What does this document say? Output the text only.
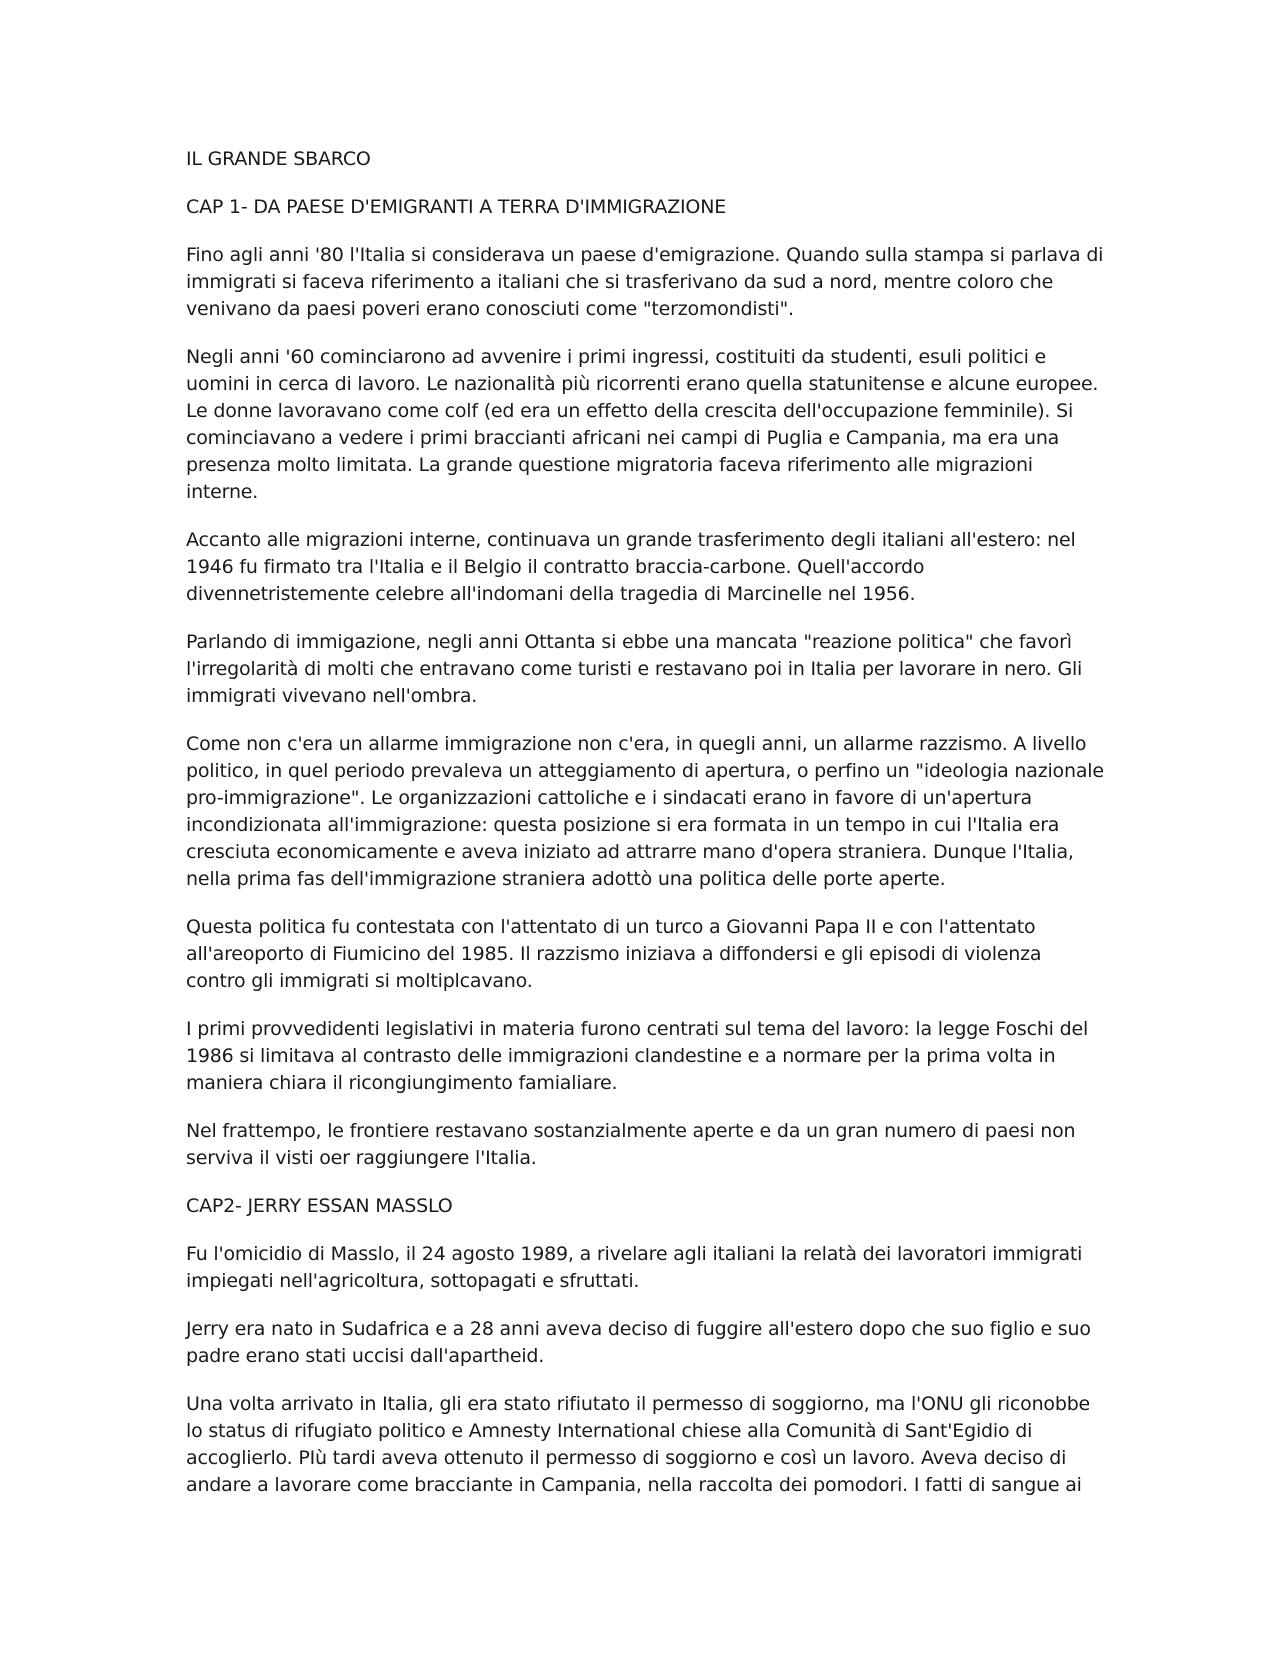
IL GRANDE SBARCO
CAP 1- DA PAESE D'EMIGRANTI A TERRA D'IMMIGRAZIONE

Fino agli anni '80 l'Italia si considerava un paese d'emigrazione. Quando sulla stampa si parlava di immigrati si faceva riferimento a italiani che si trasferivano da sud a nord, mentre coloro che venivano da paesi poveri erano conosciuti come "terzomondisti".

Negli anni '60 cominciarono ad avvenire i primi ingressi, costituiti da studenti, esuli politici e uomini in cerca di lavoro. Le nazionalità più ricorrenti erano quella statunitense e alcune europee. Le donne lavoravano come colf (ed era un effetto della crescita dell'occupazione femminile). Si cominciavano a vedere i primi braccianti africani nei campi di Puglia e Campania, ma era una presenza molto limitata. La grande questione migratoria faceva riferimento alle migrazioni interne.

Accanto alle migrazioni interne, continuava un grande trasferimento degli italiani all'estero: nel 1946 fu firmato tra l'Italia e il Belgio il contratto braccia-carbone. Quell'accordo divennetristemente celebre all'indomani della tragedia di Marcinelle nel 1956.

Parlando di immigazione, negli anni Ottanta si ebbe una mancata "reazione politica" che favorì l'irregolarità di molti che entravano come turisti e restavano poi in Italia per lavorare in nero. Gli immigrati vivevano nell'ombra.

Come non c'era un allarme immigrazione non c'era, in quegli anni, un allarme razzismo. A livello politico, in quel periodo prevaleva un atteggiamento di apertura, o perfino un "ideologia nazionale pro-immigrazione". Le organizzazioni cattoliche e i sindacati erano in favore di un'apertura incondizionata all'immigrazione: questa posizione si era formata in un tempo in cui l'Italia era cresciuta economicamente e aveva iniziato ad attrarre mano d'opera straniera. Dunque l'Italia, nella prima fas dell'immigrazione straniera adottò una politica delle porte aperte.

Questa politica fu contestata con l'attentato di un turco a Giovanni Papa II e con l'attentato all'areoporto di Fiumicino del 1985. Il razzismo iniziava a diffondersi e gli episodi di violenza contro gli immigrati si moltiplcavano.

I primi provvedidenti legislativi in materia furono centrati sul tema del lavoro: la legge Foschi del 1986 si limitava al contrasto delle immigrazioni clandestine e a normare per la prima volta in maniera chiara il ricongiungimento famialiare.

Nel frattempo, le frontiere restavano sostanzialmente aperte e da un gran numero di paesi non serviva il visti oer raggiungere l'Italia.

CAP2- JERRY ESSAN MASSLO

Fu l'omicidio di Masslo, il 24 agosto 1989, a rivelare agli italiani la relatà dei lavoratori immigrati impiegati nell'agricoltura, sottopagati e sfruttati.

Jerry era nato in Sudafrica e a 28 anni aveva deciso di fuggire all'estero dopo che suo figlio e suo padre erano stati uccisi dall'apartheid.

Una volta arrivato in Italia, gli era stato rifiutato il permesso di soggiorno, ma l'ONU gli riconobbe lo status di rifugiato politico e Amnesty International chiese alla Comunità di Sant'Egidio di accoglierlo. PIù tardi aveva ottenuto il permesso di soggiorno e così un lavoro. Aveva deciso di andare a lavorare come bracciante in Campania, nella raccolta dei pomodori. I fatti di sangue ai
